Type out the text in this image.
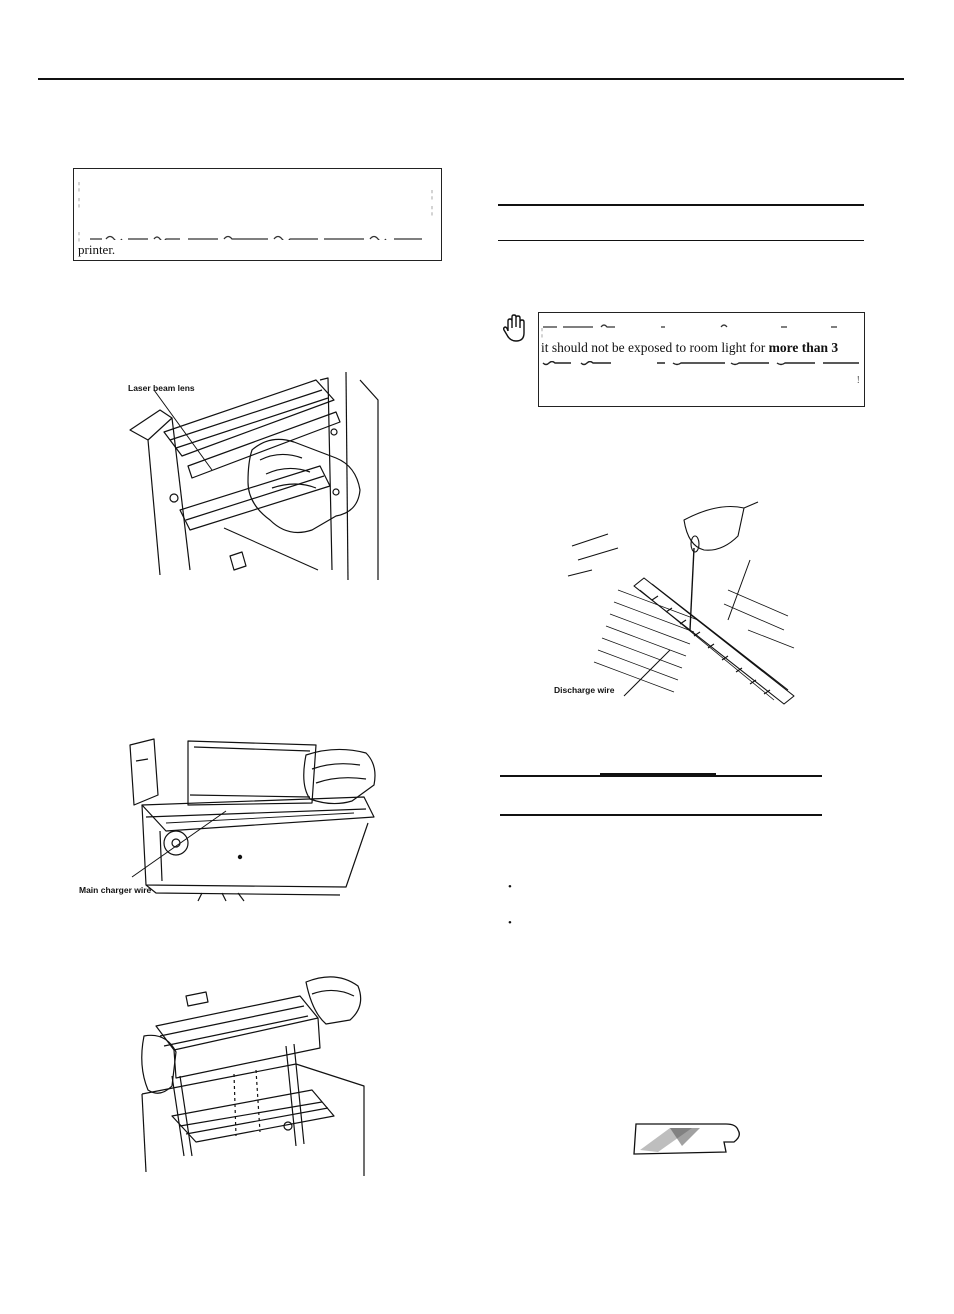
¦
¦
¦
¦
¦
printer.
¦
it should not be exposed to room light for more than 3
!
Laser beam lens
Main charger wire
Discharge wire
•
•
